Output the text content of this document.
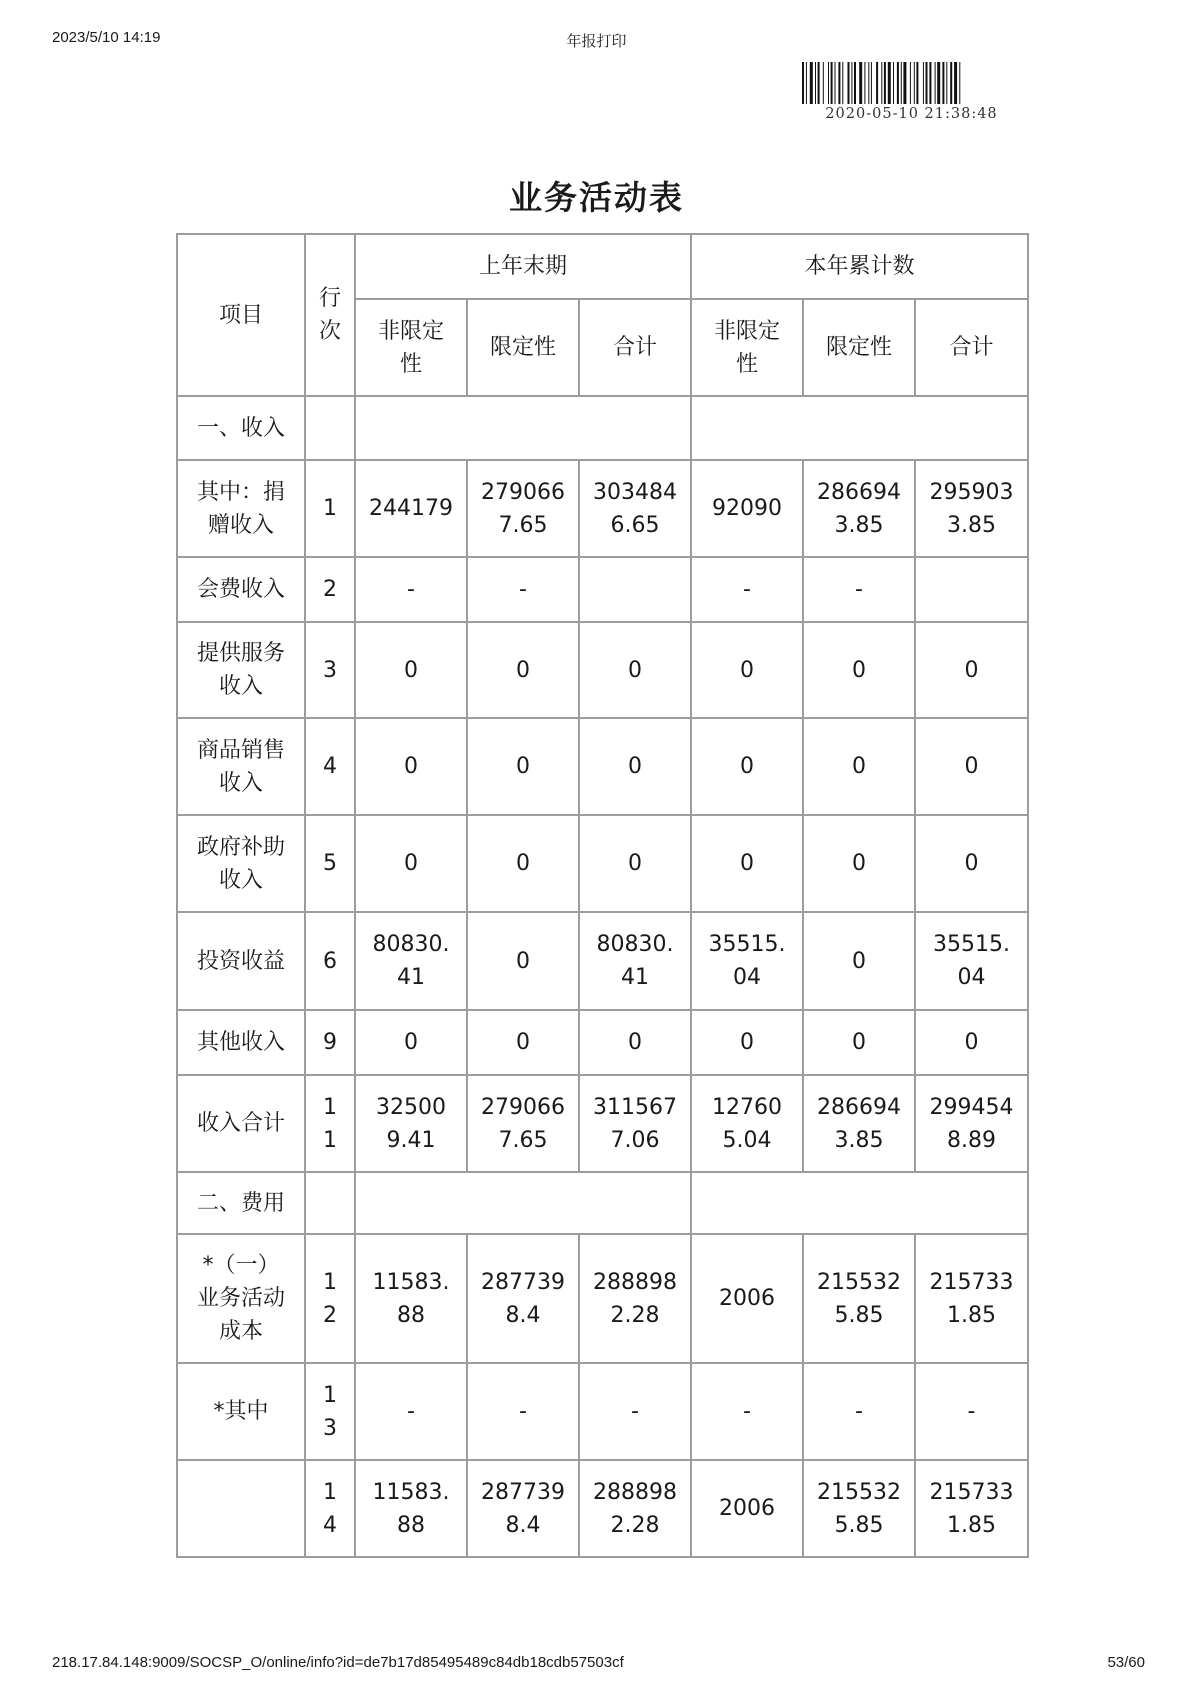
2023/5/10 14:19	年报打印
2020-05-10 21:38:48
业务活动表
项目	行次	上年末期			本年累计数		
		非限定性	限定性	合计	非限定性	限定性	合计
一、收入							
其中：捐赠收入	1	244179	2790667.65	3034846.65	92090	2866943.85	2959033.85
会费收入	2	-	-		-	-	
提供服务收入	3	0	0	0	0	0	0
商品销售收入	4	0	0	0	0	0	0
政府补助收入	5	0	0	0	0	0	0
投资收益	6	80830.41	0	80830.41	35515.04	0	35515.04
其他收入	9	0	0	0	0	0	0
收入合计	11	325009.41	2790667.65	3115677.06	127605.04	2866943.85	2994548.89
二、费用							
*（一）业务活动成本	12	11583.88	2877398.4	2888982.28	2006	2155325.85	2157331.85
*其中	13	-	-	-	-	-	-
	14	11583.88	2877398.4	2888982.28	2006	2155325.85	2157331.85
218.17.84.148:9009/SOCSP_O/online/info?id=de7b17d85495489c84db18cdb57503cf	53/60
